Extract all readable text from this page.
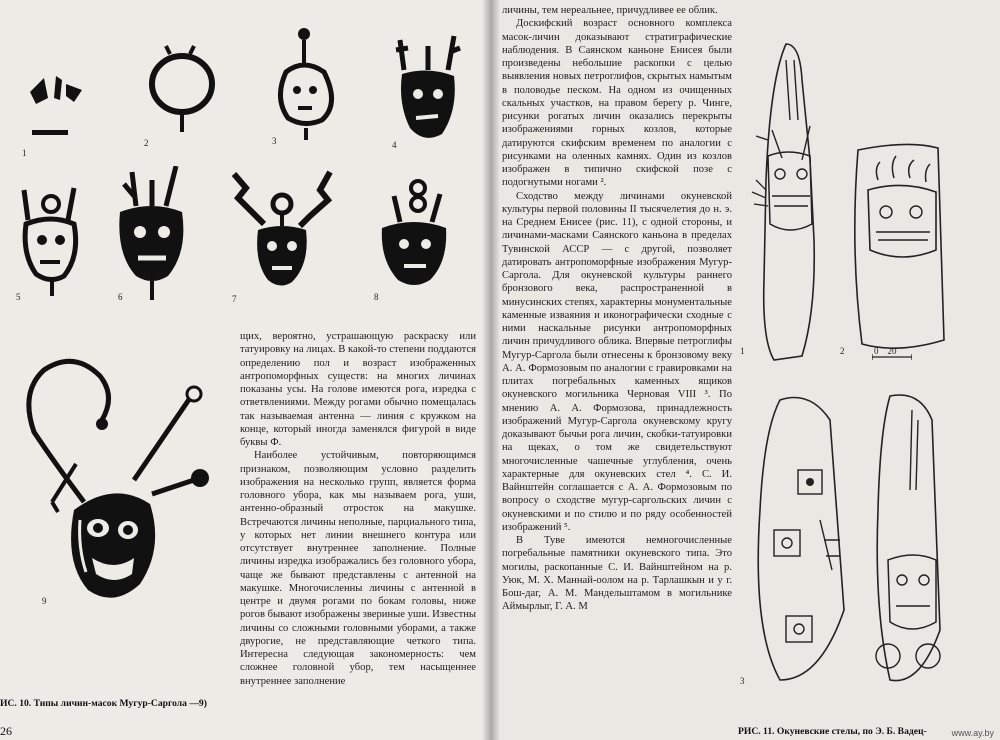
1
2	3	4
5	6	7	8
9

щих, вероятно, устрашающую раскраску или татуировку на лицах. В какой-то степени поддаются определению пол и возраст изображенных антропоморфных существ: на многих личинах показаны усы. На голове имеются рога, изредка с ответвлениями. Между рогами обычно помещалась так называемая антенна — линия с кружком на конце, который иногда заменялся фигурой в виде буквы Ф.

Наиболее устойчивым, повторяющимся признаком, позволяющим условно разделить изображения на несколько групп, является форма головного убора, как мы называем рога, уши, антенно-образный отросток на макушке. Встречаются личины неполные, парциального типа, у которых нет линии внешнего контура или отсутствует внутреннее заполнение. Полные личины изредка изображались без головного убора, чаще же бывают представлены с антенной на макушке. Многочисленны личины с антенной в центре и двумя рогами по бокам головы, ниже рогов бывают изображены звериные уши. Известны личины со сложными головными уборами, а также двурогие, не представляющие четкого типа. Интересна следующая закономерность: чем сложнее головной убор, тем насыщеннее внутреннее заполнение

ИС. 10. Типы личин-масок Мугур-Саргола —9)
26

личины, тем нереальнее, причудливее ее облик.

Доскифский возраст основного комплекса масок-личин доказывают стратиграфические наблюдения. В Саянском каньоне Енисея были произведены небольшие раскопки с целью выявления новых петроглифов, скрытых намытым в половодье песком. На одном из очищенных скальных участков, на правом берегу р. Чинге, рисунки рогатых личин оказались перекрыты изображениями горных козлов, которые датируются скифским временем по аналогии с рисунками на оленных камнях. Один из козлов изображен в типично скифской позе с подогнутыми ногами ².

Сходство между личинами окуневской культуры первой половины II тысячелетия до н. э. на Среднем Енисее (рис. 11), с одной стороны, и личинами-масками Саянского каньона в пределах Тувинской АССР — с другой, позволяет датировать антропоморфные изображения Мугур-Саргола. Для окуневской культуры раннего бронзового века, распространенной в минусинских степях, характерны монументальные каменные изваяния и иконографически сходные с ними наскальные рисунки антропоморфных личин причудливого облика. Впервые петроглифы Мугур-Саргола были отнесены к бронзовому веку А. А. Формозовым по аналогии с гравировками на плитах погребальных каменных ящиков окуневского могильника Черновая VIII ³. По мнению А. А. Формозова, принадлежность изображений Мугур-Саргола окуневскому кругу доказывают бычьи рога личин, скобки-татуировки на щеках, о том же свидетельствуют многочисленные чашечные углубления, очень характерные для окуневских стел ⁴. С. И. Вайнштейн соглашается с А. А. Формозовым по вопросу о сходстве мугур-саргольских личин с окуневскими и по стилю и по ряду особенностей изображений ⁵.

В Туве имеются немногочисленные погребальные памятники окуневского типа. Это могилы, раскопанные С. И. Вайнштейном на р. Уюк, М. Х. Маннай-оолом на р. Тарлашкын и у г. Бош-даг, А. М. Мандельштамом в могильнике Аймырлыг, Г. А. М

1	2	0    20
3
РИС. 11. Окуневские стелы, по Э. Б. Вадец-	www.ay.by
